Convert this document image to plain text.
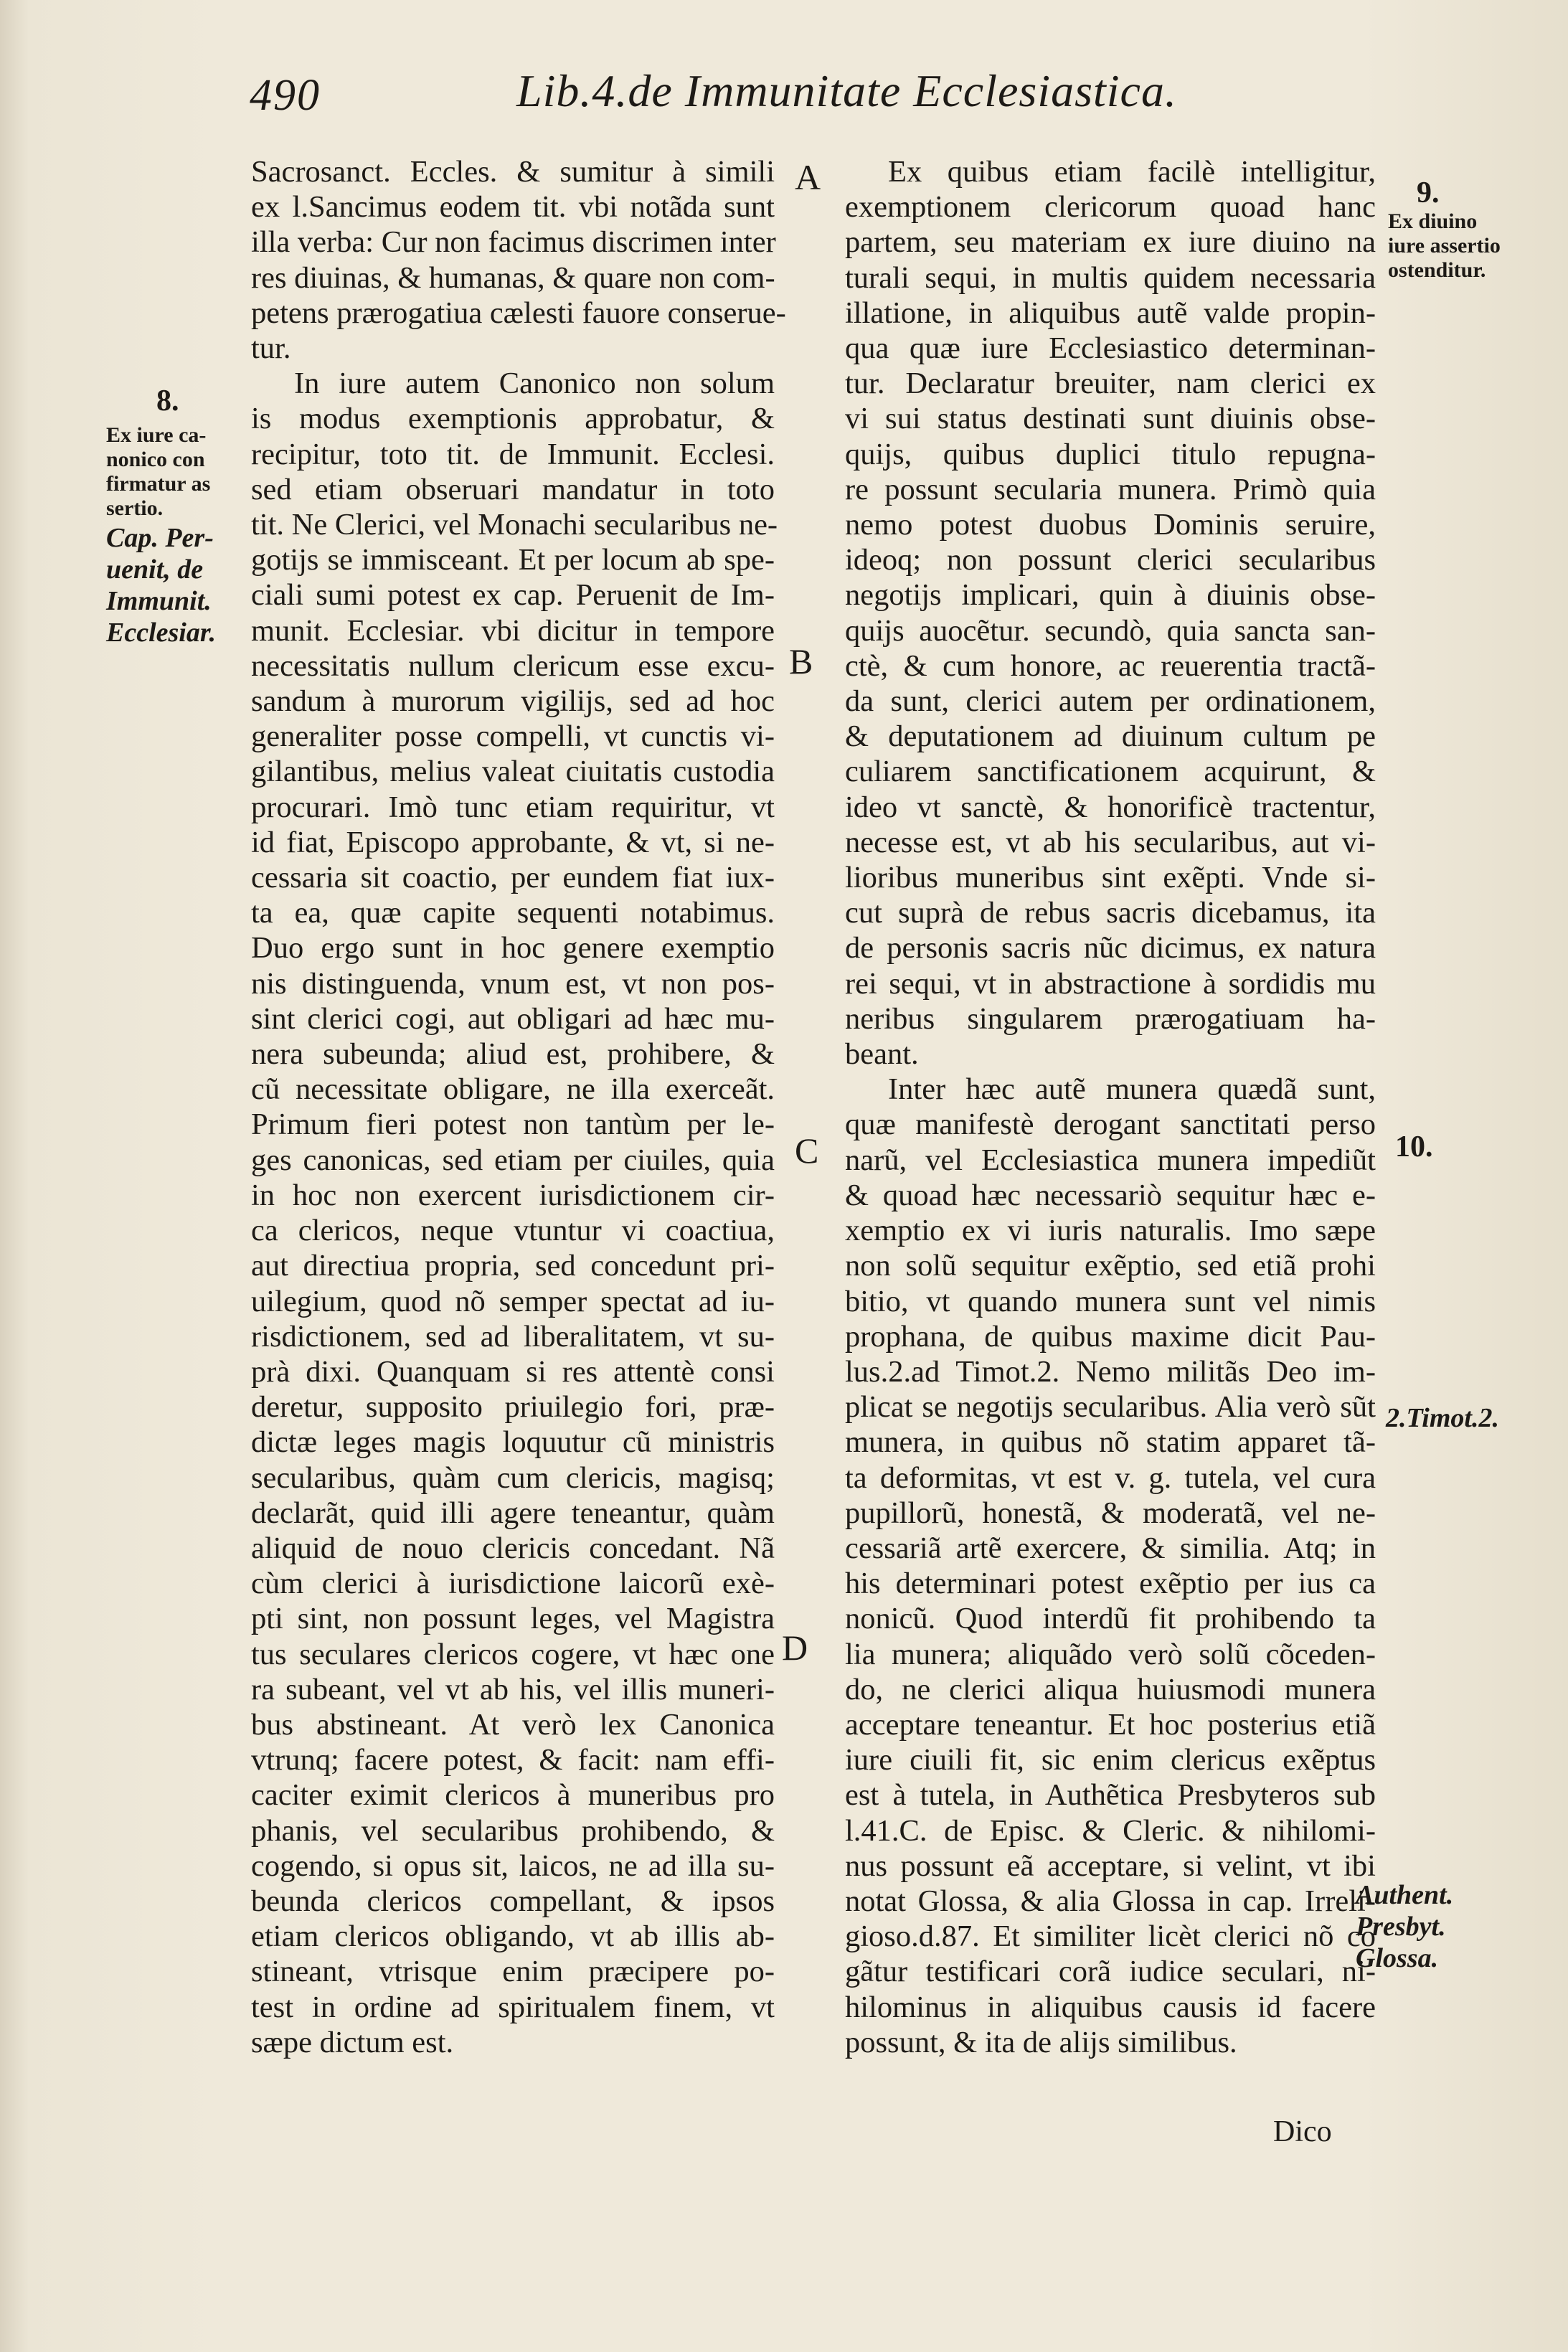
490	Lib.4.de Immunitate Ecclesiastica.
8.
Ex iure ca-
nonico con
firmatur as
sertio.
Cap. Per-
uenit, de
Immunit.
Ecclesiar.
A
B
C
D
9.
Ex diuino
iure assertio
ostenditur.
10.
2.Timot.2.
Authent.
Presbyt.
Glossa.

Sacrosanct. Eccles. & sumitur à simili

ex l.Sancimus eodem tit. vbi notãda sunt

illa verba: Cur non facimus discrimen inter

res diuinas, & humanas, & quare non com-

petens prærogatiua cælesti fauore conserue-

tur.

In iure autem Canonico non solum

is modus exemptionis approbatur, &

recipitur, toto tit. de Immunit. Ecclesi.

sed etiam obseruari mandatur in toto

tit. Ne Clerici, vel Monachi secularibus ne-

gotijs se immisceant. Et per locum ab spe-

ciali sumi potest ex cap. Peruenit de Im-

munit. Ecclesiar. vbi dicitur in tempore

necessitatis nullum clericum esse excu-

sandum à murorum vigilijs, sed ad hoc

generaliter posse compelli, vt cunctis vi-

gilantibus, melius valeat ciuitatis custodia

procurari. Imò tunc etiam requiritur, vt

id fiat, Episcopo approbante, & vt, si ne-

cessaria sit coactio, per eundem fiat iux-

ta ea, quæ capite sequenti notabimus.

Duo ergo sunt in hoc genere exemptio

nis distinguenda, vnum est, vt non pos-

sint clerici cogi, aut obligari ad hæc mu-

nera subeunda; aliud est, prohibere, &

cũ necessitate obligare, ne illa exerceãt.

Primum fieri potest non tantùm per le-

ges canonicas, sed etiam per ciuiles, quia

in hoc non exercent iurisdictionem cir-

ca clericos, neque vtuntur vi coactiua,

aut directiua propria, sed concedunt pri-

uilegium, quod nõ semper spectat ad iu-

risdictionem, sed ad liberalitatem, vt su-

prà dixi. Quanquam si res attentè consi

deretur, supposito priuilegio fori, præ-

dictæ leges magis loquutur cũ ministris

secularibus, quàm cum clericis, magisq;

declarãt, quid illi agere teneantur, quàm

aliquid de nouo clericis concedant. Nã

cùm clerici à iurisdictione laicorũ exè-

pti sint, non possunt leges, vel Magistra

tus seculares clericos cogere, vt hæc one

ra subeant, vel vt ab his, vel illis muneri-

bus abstineant. At verò lex Canonica

vtrunq; facere potest, & facit: nam effi-

caciter eximit clericos à muneribus pro

phanis, vel secularibus prohibendo, &

cogendo, si opus sit, laicos, ne ad illa su-

beunda clericos compellant, & ipsos

etiam clericos obligando, vt ab illis ab-

stineant, vtrisque enim præcipere po-

test in ordine ad spiritualem finem, vt

sæpe dictum est.

Ex quibus etiam facilè intelligitur,

exemptionem clericorum quoad hanc

partem, seu materiam ex iure diuino na

turali sequi, in multis quidem necessaria

illatione, in aliquibus autẽ valde propin-

qua quæ iure Ecclesiastico determinan-

tur. Declaratur breuiter, nam clerici ex

vi sui status destinati sunt diuinis obse-

quijs, quibus duplici titulo repugna-

re possunt secularia munera. Primò quia

nemo potest duobus Dominis seruire,

ideoq; non possunt clerici secularibus

negotijs implicari, quin à diuinis obse-

quijs auocẽtur. secundò, quia sancta san-

ctè, & cum honore, ac reuerentia tractã-

da sunt, clerici autem per ordinationem,

& deputationem ad diuinum cultum pe

culiarem sanctificationem acquirunt, &

ideo vt sanctè, & honorificè tractentur,

necesse est, vt ab his secularibus, aut vi-

lioribus muneribus sint exẽpti. Vnde si-

cut suprà de rebus sacris dicebamus, ita

de personis sacris nũc dicimus, ex natura

rei sequi, vt in abstractione à sordidis mu

neribus singularem prærogatiuam ha-

beant.

Inter hæc autẽ munera quædã sunt,

quæ manifestè derogant sanctitati perso

narũ, vel Ecclesiastica munera impediũt

& quoad hæc necessariò sequitur hæc e-

xemptio ex vi iuris naturalis. Imo sæpe

non solũ sequitur exẽptio, sed etiã prohi

bitio, vt quando munera sunt vel nimis

prophana, de quibus maxime dicit Pau-

lus.2.ad Timot.2. Nemo militãs Deo im-

plicat se negotijs secularibus. Alia verò sũt

munera, in quibus nõ statim apparet tã-

ta deformitas, vt est v. g. tutela, vel cura

pupillorũ, honestã, & moderatã, vel ne-

cessariã artẽ exercere, & similia. Atq; in

his determinari potest exẽptio per ius ca

nonicũ. Quod interdũ fit prohibendo ta

lia munera; aliquãdo verò solũ cõceden-

do, ne clerici aliqua huiusmodi munera

acceptare teneantur. Et hoc posterius etiã

iure ciuili fit, sic enim clericus exẽptus

est à tutela, in Authẽtica Presbyteros sub

l.41.C. de Episc. & Cleric. & nihilomi-

nus possunt eã acceptare, si velint, vt ibi

notat Glossa, & alia Glossa in cap. Irreli-

gioso.d.87. Et similiter licèt clerici nõ co

gãtur testificari corã iudice seculari, ni-

hilominus in aliquibus causis id facere

possunt, & ita de alijs similibus.

Dico
